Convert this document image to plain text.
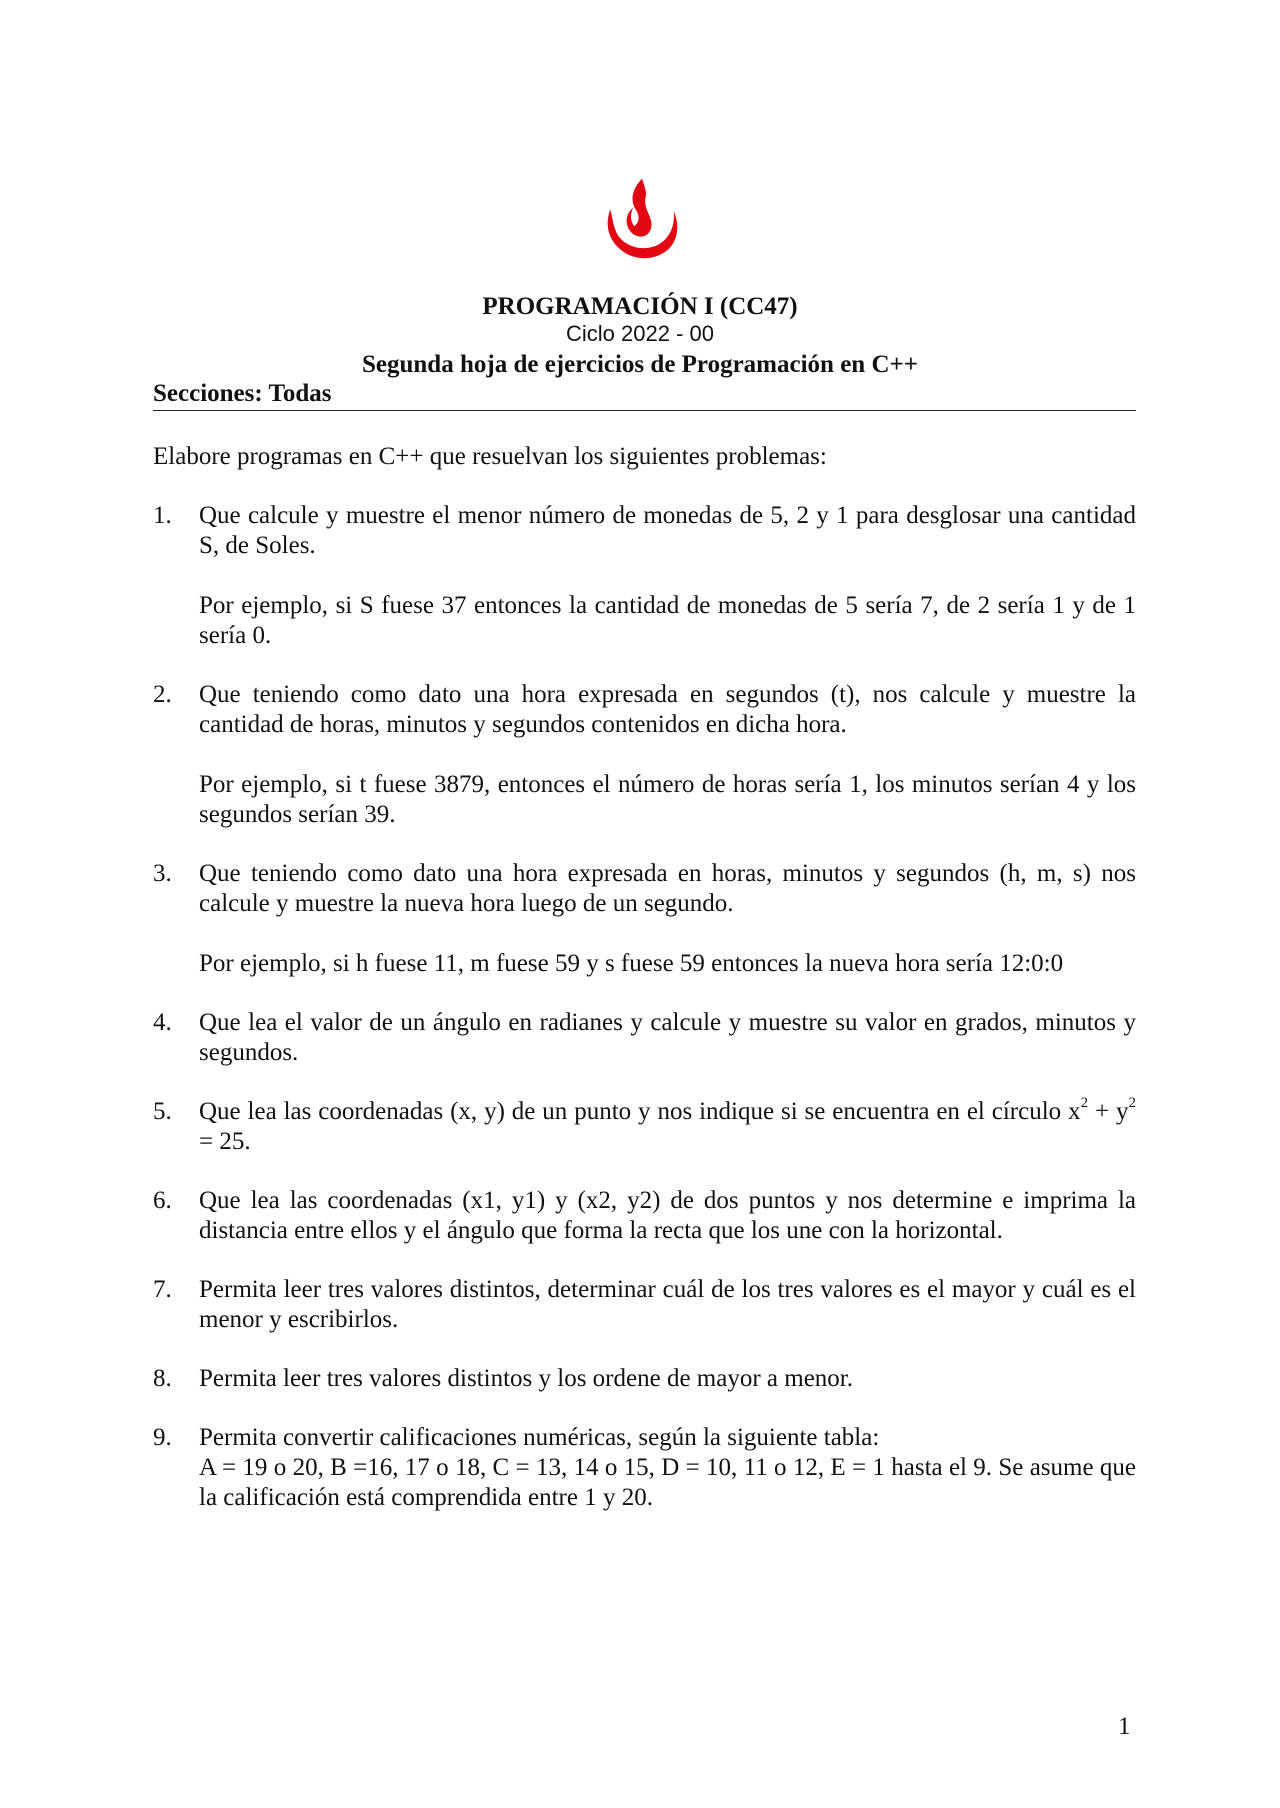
PROGRAMACIÓN I (CC47)
Ciclo 2022 - 00
Segunda hoja de ejercicios de Programación en C++
Secciones: Todas
Elabore programas en C++ que resuelvan los siguientes problemas:
1.	Que calcule y muestre el menor número de monedas de 5, 2 y 1 para desglosar una cantidad S, de Soles.

Por ejemplo, si S fuese 37 entonces la cantidad de monedas de 5 sería 7, de 2 sería 1 y de 1 sería 0.

2.	Que teniendo como dato una hora expresada en segundos (t), nos calcule y muestre la cantidad de horas, minutos y segundos contenidos en dicha hora.

Por ejemplo, si t fuese 3879, entonces el número de horas sería 1, los minutos serían 4 y los segundos serían 39.

3.	Que teniendo como dato una hora expresada en horas, minutos y segundos (h, m, s) nos calcule y muestre la nueva hora luego de un segundo.

Por ejemplo, si h fuese 11, m fuese 59 y s fuese 59 entonces la nueva hora sería 12:0:0

4.	Que lea el valor de un ángulo en radianes y calcule y muestre su valor en grados, minutos y segundos.

5.	Que lea las coordenadas (x, y) de un punto y nos indique si se encuentra en el círculo $x^2 + y^2 = 25$.

6.	Que lea las coordenadas (x1, y1) y (x2, y2) de dos puntos y nos determine e imprima la distancia entre ellos y el ángulo que forma la recta que los une con la horizontal.

7.	Permita leer tres valores distintos, determinar cuál de los tres valores es el mayor y cuál es el menor y escribirlos.

8.	Permita leer tres valores distintos y los ordene de mayor a menor.

9.	Permita convertir calificaciones numéricas, según la siguiente tabla:
A = 19 o 20, B =16, 17 o 18, C = 13, 14 o 15, D = 10, 11 o 12, E = 1 hasta el 9. Se asume que la calificación está comprendida entre 1 y 20.
1
